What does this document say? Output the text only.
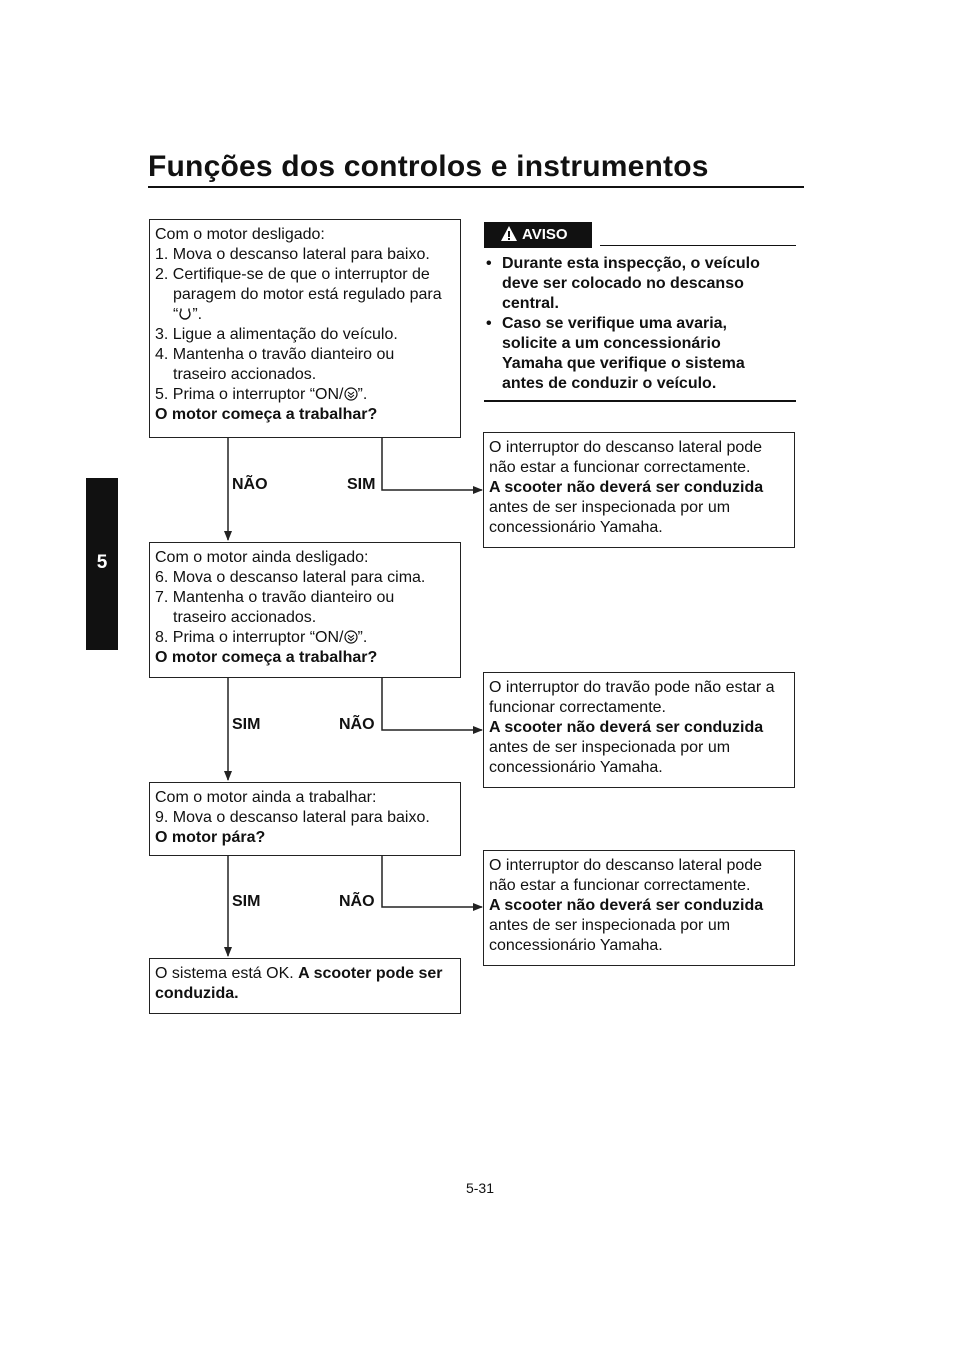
Funções dos controlos e instrumentos
5
Com o motor desligado:
1. Mova o descanso lateral para baixo.
2. Certifique-se de que o interruptor de
paragem do motor está regulado para
“ ”.
3. Ligue a alimentação do veículo.
4. Mantenha o travão dianteiro ou
traseiro accionados.
5. Prima o interruptor “ON/ ”.
O motor começa a trabalhar?
NÃO	SIM
O interruptor do descanso lateral pode
não estar a funcionar correctamente.
A scooter não deverá ser conduzida
antes de ser inspecionada por um
concessionário Yamaha.
Com o motor ainda desligado:
6. Mova o descanso lateral para cima.
7. Mantenha o travão dianteiro ou
traseiro accionados.
8. Prima o interruptor “ON/ ”.
O motor começa a trabalhar?
SIM	NÃO
O interruptor do travão pode não estar a
funcionar correctamente.
A scooter não deverá ser conduzida
antes de ser inspecionada por um
concessionário Yamaha.
Com o motor ainda a trabalhar:
9. Mova o descanso lateral para baixo.
O motor pára?
SIM	NÃO
O interruptor do descanso lateral pode
não estar a funcionar correctamente.
A scooter não deverá ser conduzida
antes de ser inspecionada por um
concessionário Yamaha.
O sistema está OK. A scooter pode ser
conduzida.
AVISO
• Durante esta inspecção, o veículo deve ser colocado no descanso central.
• Caso se verifique uma avaria, solicite a um concessionário Yamaha que verifique o sistema antes de conduzir o veículo.
5-31
